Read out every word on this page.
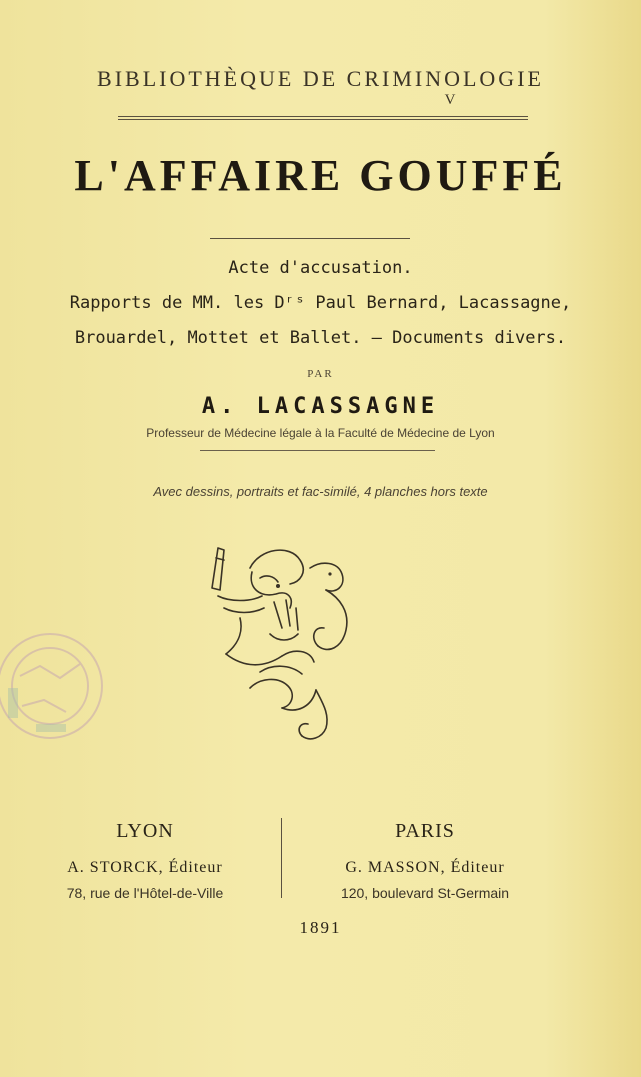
BIBLIOTHÈQUE DE CRIMINOLOGIE
V
L'AFFAIRE GOUFFÉ
Acte d'accusation.
Rapports de MM. les Dʳˢ Paul Bernard, Lacassagne,
Brouardel, Mottet et Ballet. — Documents divers.
PAR
A. LACASSAGNE
Professeur de Médecine légale à la Faculté de Médecine de Lyon
Avec dessins, portraits et fac-similé, 4 planches hors texte
LYON
A. STORCK, Éditeur
78, rue de l'Hôtel-de-Ville
PARIS
G. MASSON, Éditeur
120, boulevard St-Germain
1891
